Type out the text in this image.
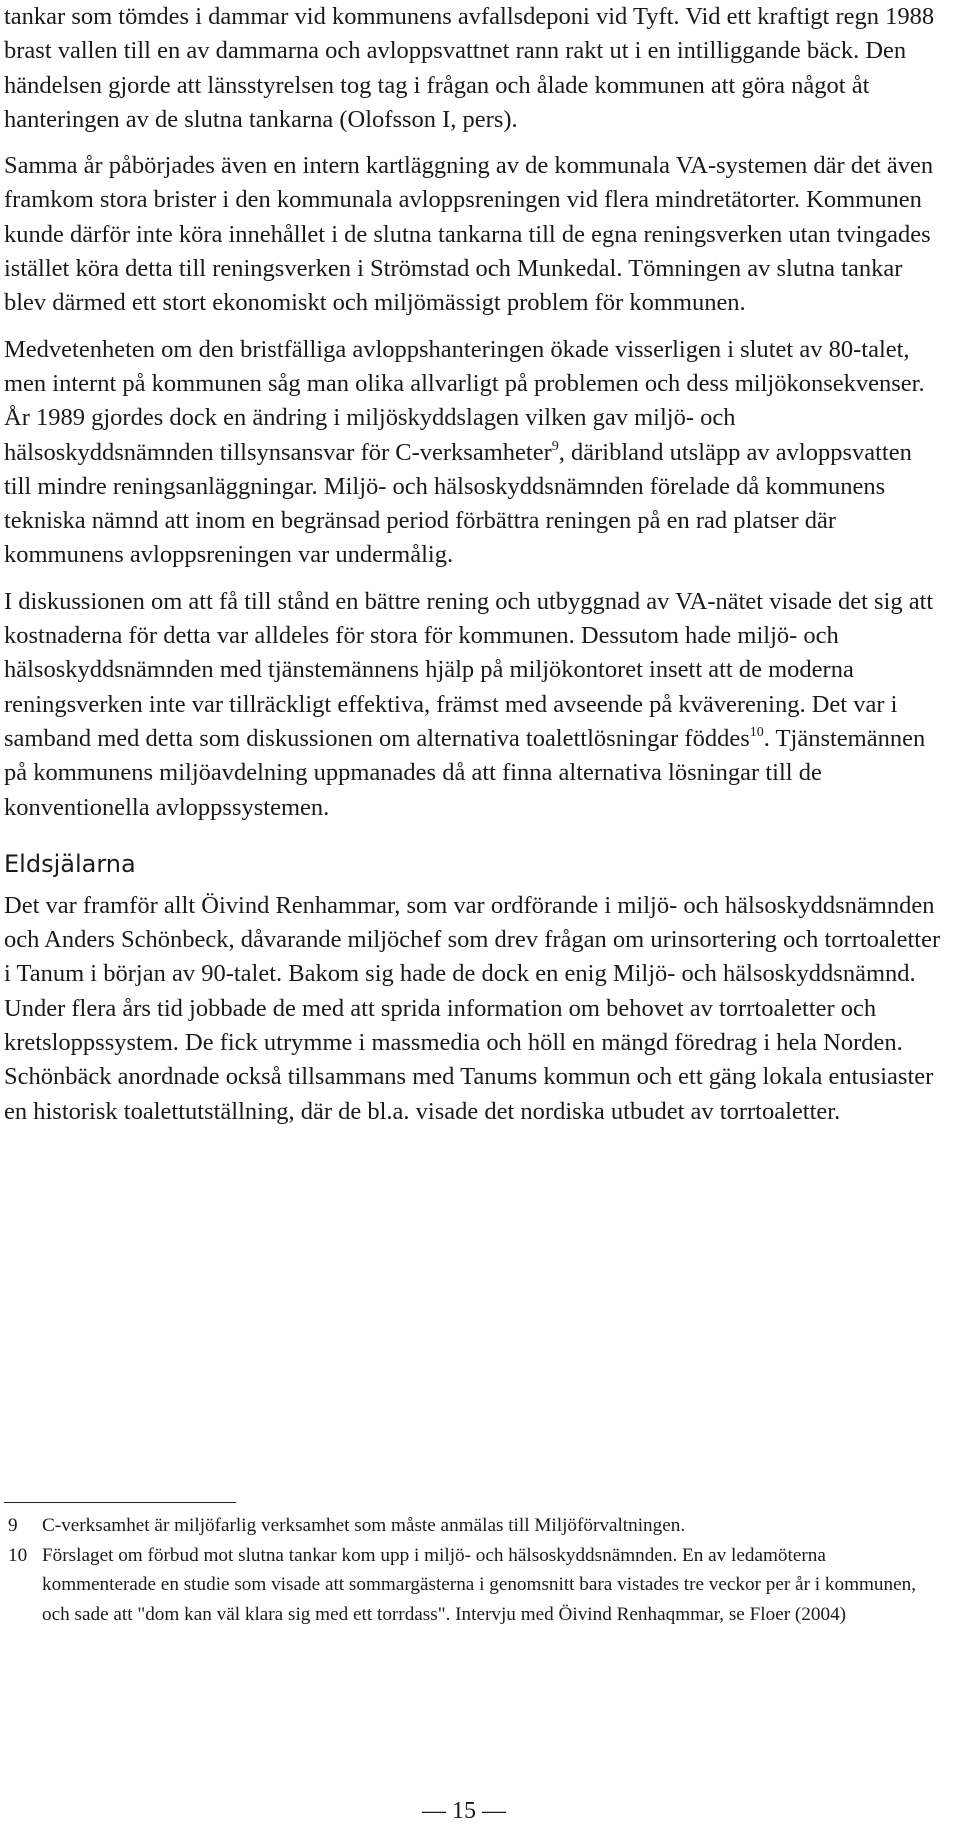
tankar som tömdes i dammar vid kommunens avfallsdeponi vid Tyft. Vid ett kraftigt regn 1988 brast vallen till en av dammarna och avloppsvattnet rann rakt ut i en intilliggande bäck. Den händelsen gjorde att länsstyrelsen tog tag i frågan och ålade kommunen att göra något åt hanteringen av de slutna tankarna (Olofsson I, pers).

Samma år påbörjades även en intern kartläggning av de kommunala VA-systemen där det även framkom stora brister i den kommunala avloppsreningen vid flera mindretätorter. Kommunen kunde därför inte köra innehållet i de slutna tankarna till de egna reningsverken utan tvingades istället köra detta till reningsverken i Strömstad och Munkedal. Tömningen av slutna tankar blev därmed ett stort ekonomiskt och miljömässigt problem för kommunen.

Medvetenheten om den bristfälliga avloppshanteringen ökade visserligen i slutet av 80-talet, men internt på kommunen såg man olika allvarligt på problemen och dess miljökonsekvenser. År 1989 gjordes dock en ändring i miljöskyddslagen vilken gav miljö- och hälsoskyddsnämnden tillsynsansvar för C-verksamheter$^9$, däribland utsläpp av avloppsvatten till mindre reningsanläggningar. Miljö- och hälsoskyddsnämnden förelade då kommunens tekniska nämnd att inom en begränsad period förbättra reningen på en rad platser där kommunens avloppsreningen var undermålig.

I diskussionen om att få till stånd en bättre rening och utbyggnad av VA-nätet visade det sig att kostnaderna för detta var alldeles för stora för kommunen. Dessutom hade miljö- och hälsoskyddsnämnden med tjänstemännens hjälp på miljökontoret insett att de moderna reningsverken inte var tillräckligt effektiva, främst med avseende på kväverening. Det var i samband med detta som diskussionen om alternativa toalettlösningar föddes$^{10}$. Tjänstemännen på kommunens miljöavdelning uppmanades då att finna alternativa lösningar till de konventionella avloppssystemen.

Eldsjälarna

Det var framför allt Öivind Renhammar, som var ordförande i miljö- och hälsoskyddsnämnden och Anders Schönbeck, dåvarande miljöchef som drev frågan om urinsortering och torrtoaletter i Tanum i början av 90-talet. Bakom sig hade de dock en enig Miljö- och hälsoskyddsnämnd. Under flera års tid jobbade de med att sprida information om behovet av torrtoaletter och kretsloppssystem. De fick utrymme i massmedia och höll en mängd föredrag i hela Norden. Schönbäck anordnade också tillsammans med Tanums kommun och ett gäng lokala entusiaster en historisk toalettutställning, där de bl.a. visade det nordiska utbudet av torrtoaletter.

9	C-verksamhet är miljöfarlig verksamhet som måste anmälas till Miljöförvaltningen.
10 Förslaget om förbud mot slutna tankar kom upp i miljö- och hälsoskyddsnämnden. En av ledamöterna kommenterade en studie som visade att sommargästerna i genomsnitt bara vistades tre veckor per år i kommunen, och sade att "dom kan väl klara sig med ett torrdass". Intervju med Öivind Renhaqmmar, se Floer (2004)
— 15 —
